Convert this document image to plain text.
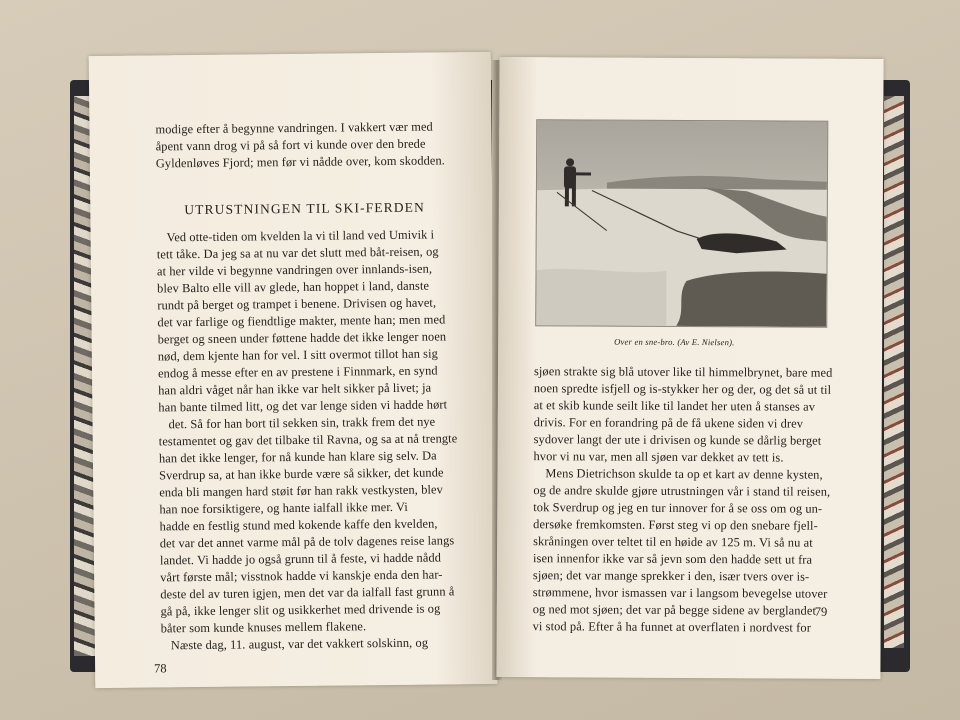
modige efter å begynne vandringen. I vakkert vær med
åpent vann drog vi på så fort vi kunde over den brede
Gyldenløves Fjord; men før vi nådde over, kom skodden.
UTRUSTNINGEN TIL SKI-FERDEN
Ved otte-tiden om kvelden la vi til land ved Umivik i
tett tåke. Da jeg sa at nu var det slutt med båt-reisen, og
at her vilde vi begynne vandringen over innlands-isen,
blev Balto elle vill av glede, han hoppet i land, danste
rundt på berget og trampet i benene. Drivisen og havet,
det var farlige og fiendtlige makter, mente han; men med
berget og sneen under føttene hadde det ikke lenger noen
nød, dem kjente han for vel. I sitt overmot tillot han sig
endog å messe efter en av prestene i Finnmark, en synd
han aldri våget når han ikke var helt sikker på livet; ja
han bante tilmed litt, og det var lenge siden vi hadde hørt
det. Så for han bort til sekken sin, trakk frem det nye
testamentet og gav det tilbake til Ravna, og sa at nå trengte
han det ikke lenger, for nå kunde han klare sig selv. Da
Sverdrup sa, at han ikke burde være så sikker, det kunde
enda bli mangen hard støit før han rakk vestkysten, blev
han noe forsiktigere, og hante ialfall ikke mer. Vi
hadde en festlig stund med kokende kaffe den kvelden,
det var det annet varme mål på de tolv dagenes reise langs
landet. Vi hadde jo også grunn til å feste, vi hadde nådd
vårt første mål; visstnok hadde vi kanskje enda den har-
deste del av turen igjen, men det var da ialfall fast grunn å
gå på, ikke lenger slit og usikkerhet med drivende is og
båter som kunde knuses mellem flakene.
Næste dag, 11. august, var det vakkert solskinn, og
78
Over en sne-bro. (Av E. Nielsen).
sjøen strakte sig blå utover like til himmelbrynet, bare med
noen spredte isfjell og is-stykker her og der, og det så ut til
at et skib kunde seilt like til landet her uten å stanses av
drivis. For en forandring på de få ukene siden vi drev
sydover langt der ute i drivisen og kunde se dårlig berget
hvor vi nu var, men all sjøen var dekket av tett is.
Mens Dietrichson skulde ta op et kart av denne kysten,
og de andre skulde gjøre utrustningen vår i stand til reisen,
tok Sverdrup og jeg en tur innover for å se oss om og un-
dersøke fremkomsten. Først steg vi op den snebare fjell-
skråningen over teltet til en høide av 125 m. Vi så nu at
isen innenfor ikke var så jevn som den hadde sett ut fra
sjøen; det var mange sprekker i den, især tvers over is-
strømmene, hvor ismassen var i langsom bevegelse utover
og ned mot sjøen; det var på begge sidene av berglandet
vi stod på. Efter å ha funnet at overflaten i nordvest for
79
